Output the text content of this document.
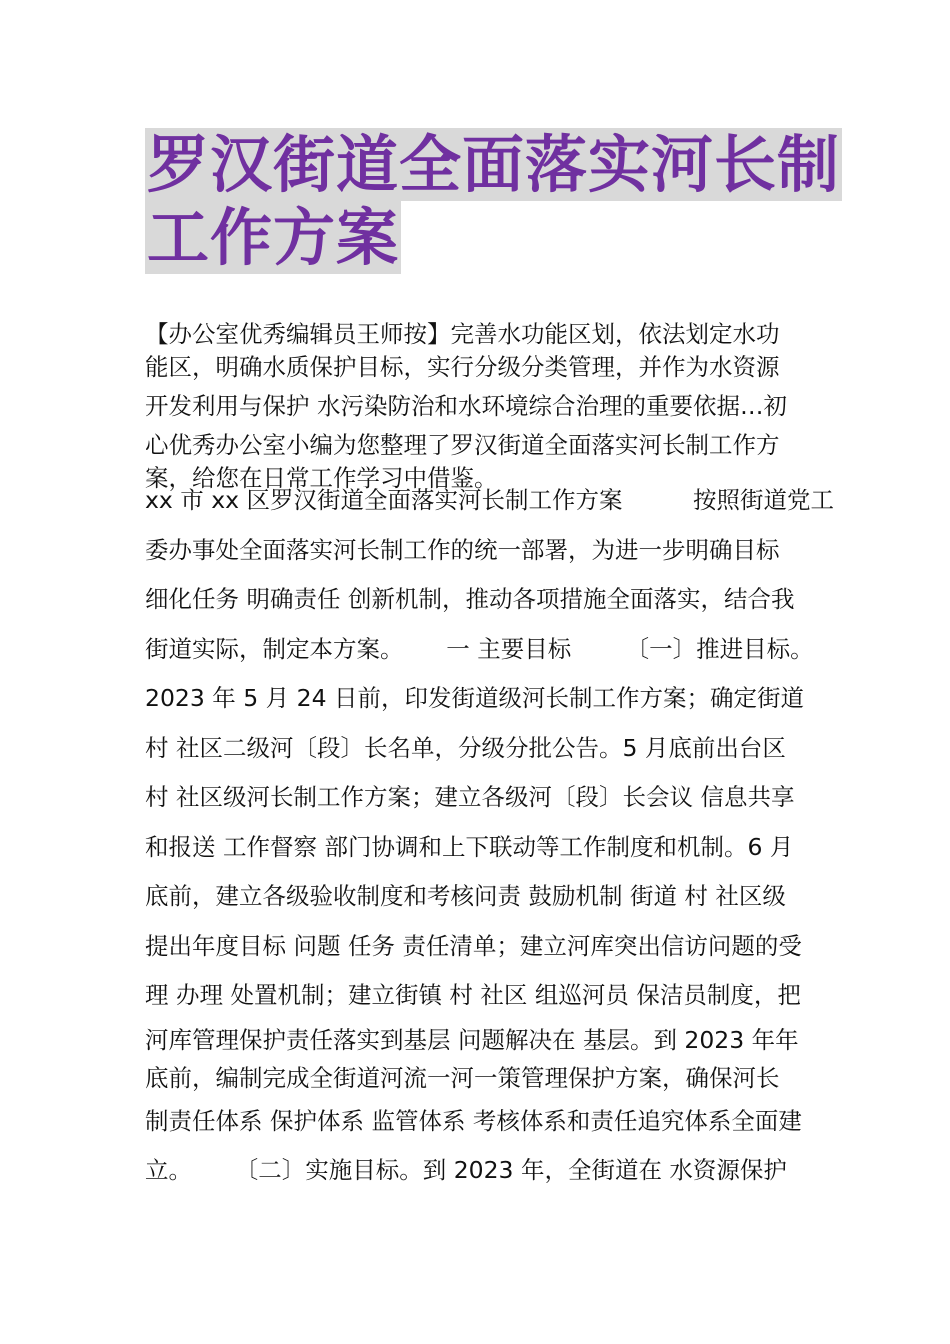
罗汉街道全面落实河长制
工作方案

【办公室优秀编辑员王师按】完善水功能区划，依法划定水功
能区，明确水质保护目标，实行分级分类管理，并作为水资源
开发利用与保护 水污染防治和水环境综合治理的重要依据…初
心优秀办公室小编为您整理了罗汉街道全面落实河长制工作方
案，给您在日常工作学习中借鉴。

xx 市 xx 区罗汉街道全面落实河长制工作方案　　　按照街道党工
委办事处全面落实河长制工作的统一部署，为进一步明确目标
细化任务 明确责任 创新机制，推动各项措施全面落实，结合我
街道实际，制定本方案。　　 一 主要目标　　 〔一〕推进目标。
2023 年 5 月 24 日前，印发街道级河长制工作方案；确定街道
村 社区二级河〔段〕长名单，分级分批公告。5 月底前出台区
村 社区级河长制工作方案；建立各级河〔段〕长会议 信息共享
和报送 工作督察 部门协调和上下联动等工作制度和机制。6 月
底前，建立各级验收制度和考核问责 鼓励机制 街道 村 社区级
提出年度目标 问题 任务 责任清单；建立河库突出信访问题的受
理 办理 处置机制；建立街镇 村 社区 组巡河员 保洁员制度，把
河库管理保护责任落实到基层 问题解决在 基层。到 2023 年年
底前，编制完成全街道河流一河一策管理保护方案，确保河长
制责任体系 保护体系 监管体系 考核体系和责任追究体系全面建
立。　　 〔二〕实施目标。到 2023 年，全街道在 水资源保护
